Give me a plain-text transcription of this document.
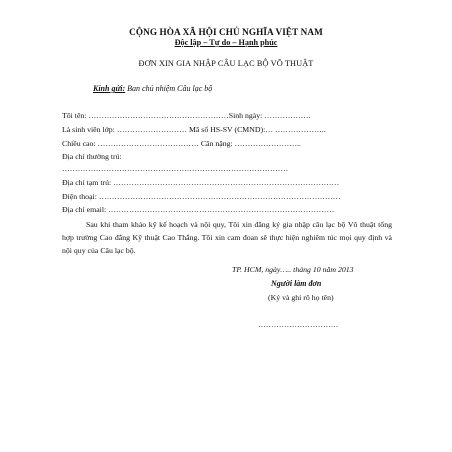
CỘNG HÒA XÃ HỘI CHỦ NGHĨA VIỆT NAM
Độc lập – Tự do – Hạnh phúc
ĐƠN XIN GIA NHẬP CÂU LẠC BỘ VÕ THUẬT
Kính gửi: Ban chủ nhiệm Câu lạc bộ
Tôi tên: ………………………………………………Sinh ngày: ………………
Là sinh viên lớp: ……………………… Mã số HS-SV (CMND):… ………………..
Chiều cao: ………………………………… Cân nặng: ……………………..
Địa chỉ thường trú:
……………………………………………………………………………
Địa chỉ tạm trú: ……………………………………………………………………………
Điện thoại: …………………………………………………………………………………
Địa chỉ email: ……………………………………………………………………………
Sau khi tham khảo kỹ kế hoạch và nội quy, Tôi xin đăng ký gia nhập câu lạc bộ Võ thuật tổng hợp trường Cao đẳng Kỹ thuật Cao Thắng. Tôi xin cam đoan sẽ thực hiện nghiêm túc mọi quy định và nội quy của Câu lạc bộ.
TP. HCM, ngày….. tháng 10 năm 2013
Người làm đơn
(Ký và ghi rõ họ tên)
………………………….
